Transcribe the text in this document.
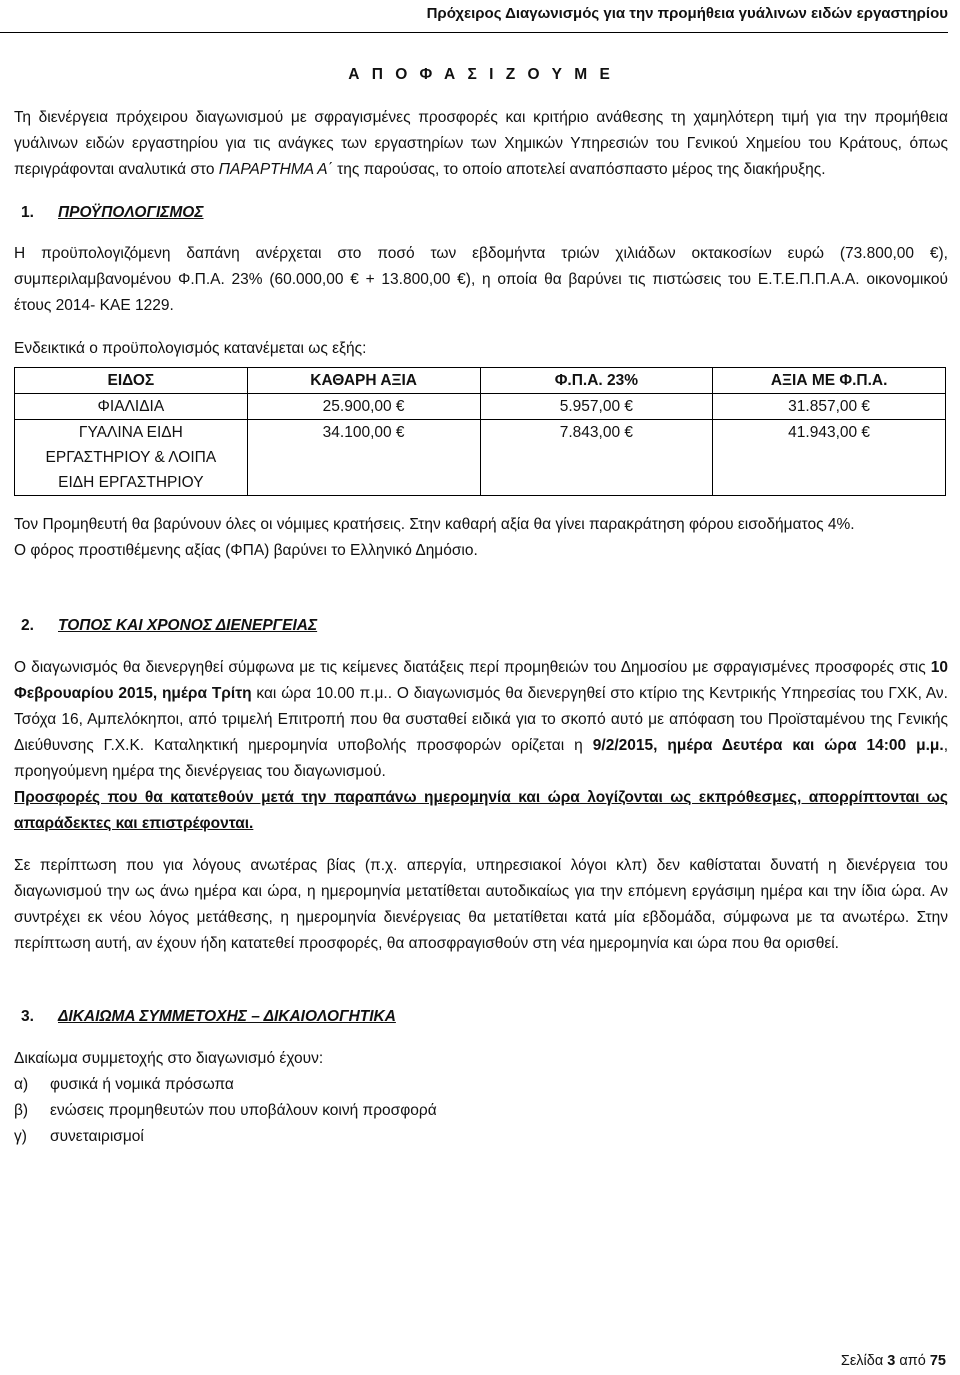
Πρόχειρος Διαγωνισμός για την προμήθεια γυάλινων ειδών εργαστηρίου

Α Π Ο Φ Α Σ Ι Ζ Ο Υ Μ Ε

Τη διενέργεια πρόχειρου διαγωνισμού με σφραγισμένες προσφορές και κριτήριο ανάθεσης τη χαμηλότερη τιμή για την προμήθεια γυάλινων ειδών εργαστηρίου για τις ανάγκες των εργαστηρίων των Χημικών Υπηρεσιών του Γενικού Χημείου του Κράτους, όπως περιγράφονται αναλυτικά στο ΠΑΡΑΡΤΗΜΑ Α΄ της παρούσας, το οποίο αποτελεί αναπόσπαστο μέρος της διακήρυξης.

1. ΠΡΟΫΠΟΛΟΓΙΣΜΟΣ

Η προϋπολογιζόμενη δαπάνη ανέρχεται στο ποσό των εβδομήντα τριών χιλιάδων οκτακοσίων ευρώ (73.800,00 €), συμπεριλαμβανομένου Φ.Π.Α. 23% (60.000,00 € + 13.800,00 €), η οποία θα βαρύνει τις πιστώσεις του Ε.Τ.Ε.Π.Π.Α.Α. οικονομικού έτους 2014- ΚΑΕ 1229.

Ενδεικτικά ο προϋπολογισμός κατανέμεται ως εξής:

ΕΙΔΟΣ	ΚΑΘΑΡΗ ΑΞΙΑ	Φ.Π.Α. 23%	ΑΞΙΑ ΜΕ Φ.Π.Α.
ΦΙΑΛΙΔΙΑ	25.900,00 €	5.957,00 €	31.857,00 €
ΓΥΑΛΙΝΑ ΕΙΔΗ ΕΡΓΑΣΤΗΡΙΟΥ & ΛΟΙΠΑ ΕΙΔΗ ΕΡΓΑΣΤΗΡΙΟΥ	34.100,00 €	7.843,00 €	41.943,00 €

Τον Προμηθευτή θα βαρύνουν όλες οι νόμιμες κρατήσεις. Στην καθαρή αξία θα γίνει παρακράτηση φόρου εισοδήματος 4%.

Ο φόρος προστιθέμενης αξίας (ΦΠΑ) βαρύνει το Ελληνικό Δημόσιο.

2. ΤΟΠΟΣ ΚΑΙ ΧΡΟΝΟΣ ΔΙΕΝΕΡΓΕΙΑΣ

Ο διαγωνισμός θα διενεργηθεί σύμφωνα με τις κείμενες διατάξεις περί προμηθειών του Δημοσίου με σφραγισμένες προσφορές στις 10 Φεβρουαρίου 2015, ημέρα Τρίτη και ώρα 10.00 π.μ.. Ο διαγωνισμός θα διενεργηθεί στο κτίριο της Κεντρικής Υπηρεσίας του ΓΧΚ, Αν. Τσόχα 16, Αμπελόκηποι, από τριμελή Επιτροπή που θα συσταθεί ειδικά για το σκοπό αυτό με απόφαση του Προϊσταμένου της Γενικής Διεύθυνσης Γ.Χ.Κ. Καταληκτική ημερομηνία υποβολής προσφορών ορίζεται η 9/2/2015, ημέρα Δευτέρα και ώρα 14:00 μ.μ., προηγούμενη ημέρα της διενέργειας του διαγωνισμού.

Προσφορές που θα κατατεθούν μετά την παραπάνω ημερομηνία και ώρα λογίζονται ως εκπρόθεσμες, απορρίπτονται ως απαράδεκτες και επιστρέφονται.

Σε περίπτωση που για λόγους ανωτέρας βίας (π.χ. απεργία, υπηρεσιακοί λόγοι κλπ) δεν καθίσταται δυνατή η διενέργεια του διαγωνισμού την ως άνω ημέρα και ώρα, η ημερομηνία μετατίθεται αυτοδικαίως για την επόμενη εργάσιμη ημέρα και την ίδια ώρα. Αν συντρέχει εκ νέου λόγος μετάθεσης, η ημερομηνία διενέργειας θα μετατίθεται κατά μία εβδομάδα, σύμφωνα με τα ανωτέρω. Στην περίπτωση αυτή, αν έχουν ήδη κατατεθεί προσφορές, θα αποσφραγισθούν στη νέα ημερομηνία και ώρα που θα ορισθεί.

3. ΔΙΚΑΙΩΜΑ ΣΥΜΜΕΤΟΧΗΣ – ΔΙΚΑΙΟΛΟΓΗΤΙΚΑ

Δικαίωμα συμμετοχής στο διαγωνισμό έχουν:

α) φυσικά ή νομικά πρόσωπα
β) ενώσεις προμηθευτών που υποβάλουν κοινή προσφορά
γ) συνεταιρισμοί
Σελίδα 3 από 75
